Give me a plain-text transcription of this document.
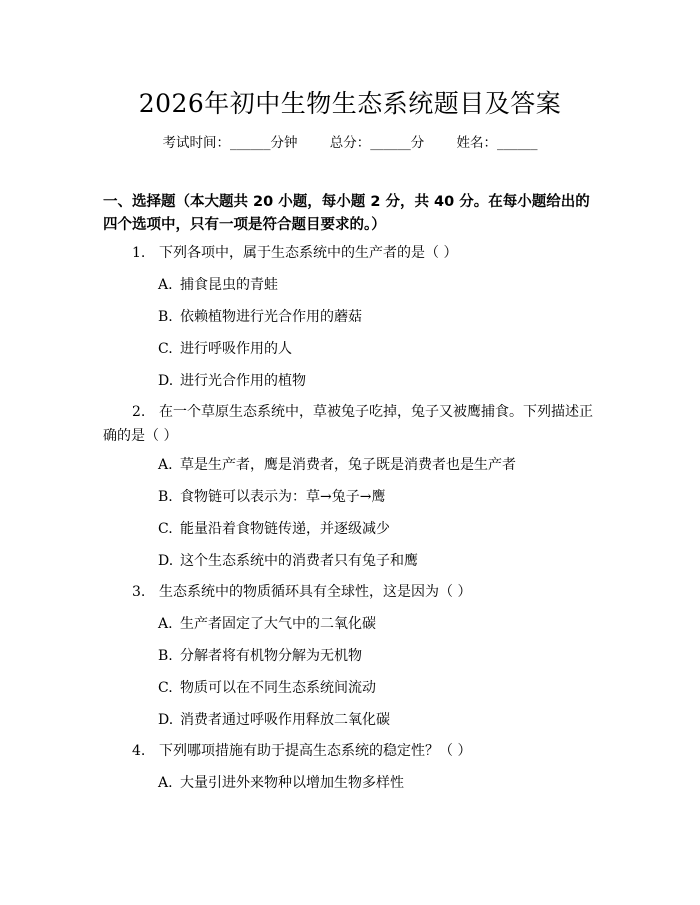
2026年初中生物生态系统题目及答案
考试时间：______分钟 总分：______分 姓名：______
一、选择题（本大题共 20 小题，每小题 2 分，共 40 分。在每小题给出的四个选项中，只有一项是符合题目要求的。）
1. 下列各项中，属于生态系统中的生产者的是（ ）
A. 捕食昆虫的青蛙
B. 依赖植物进行光合作用的蘑菇
C. 进行呼吸作用的人
D. 进行光合作用的植物
2. 在一个草原生态系统中，草被兔子吃掉，兔子又被鹰捕食。下列描述正确的是（ ）
A. 草是生产者，鹰是消费者，兔子既是消费者也是生产者
B. 食物链可以表示为：草→兔子→鹰
C. 能量沿着食物链传递，并逐级减少
D. 这个生态系统中的消费者只有兔子和鹰
3. 生态系统中的物质循环具有全球性，这是因为（ ）
A. 生产者固定了大气中的二氧化碳
B. 分解者将有机物分解为无机物
C. 物质可以在不同生态系统间流动
D. 消费者通过呼吸作用释放二氧化碳
4. 下列哪项措施有助于提高生态系统的稳定性？（ ）
A. 大量引进外来物种以增加生物多样性
